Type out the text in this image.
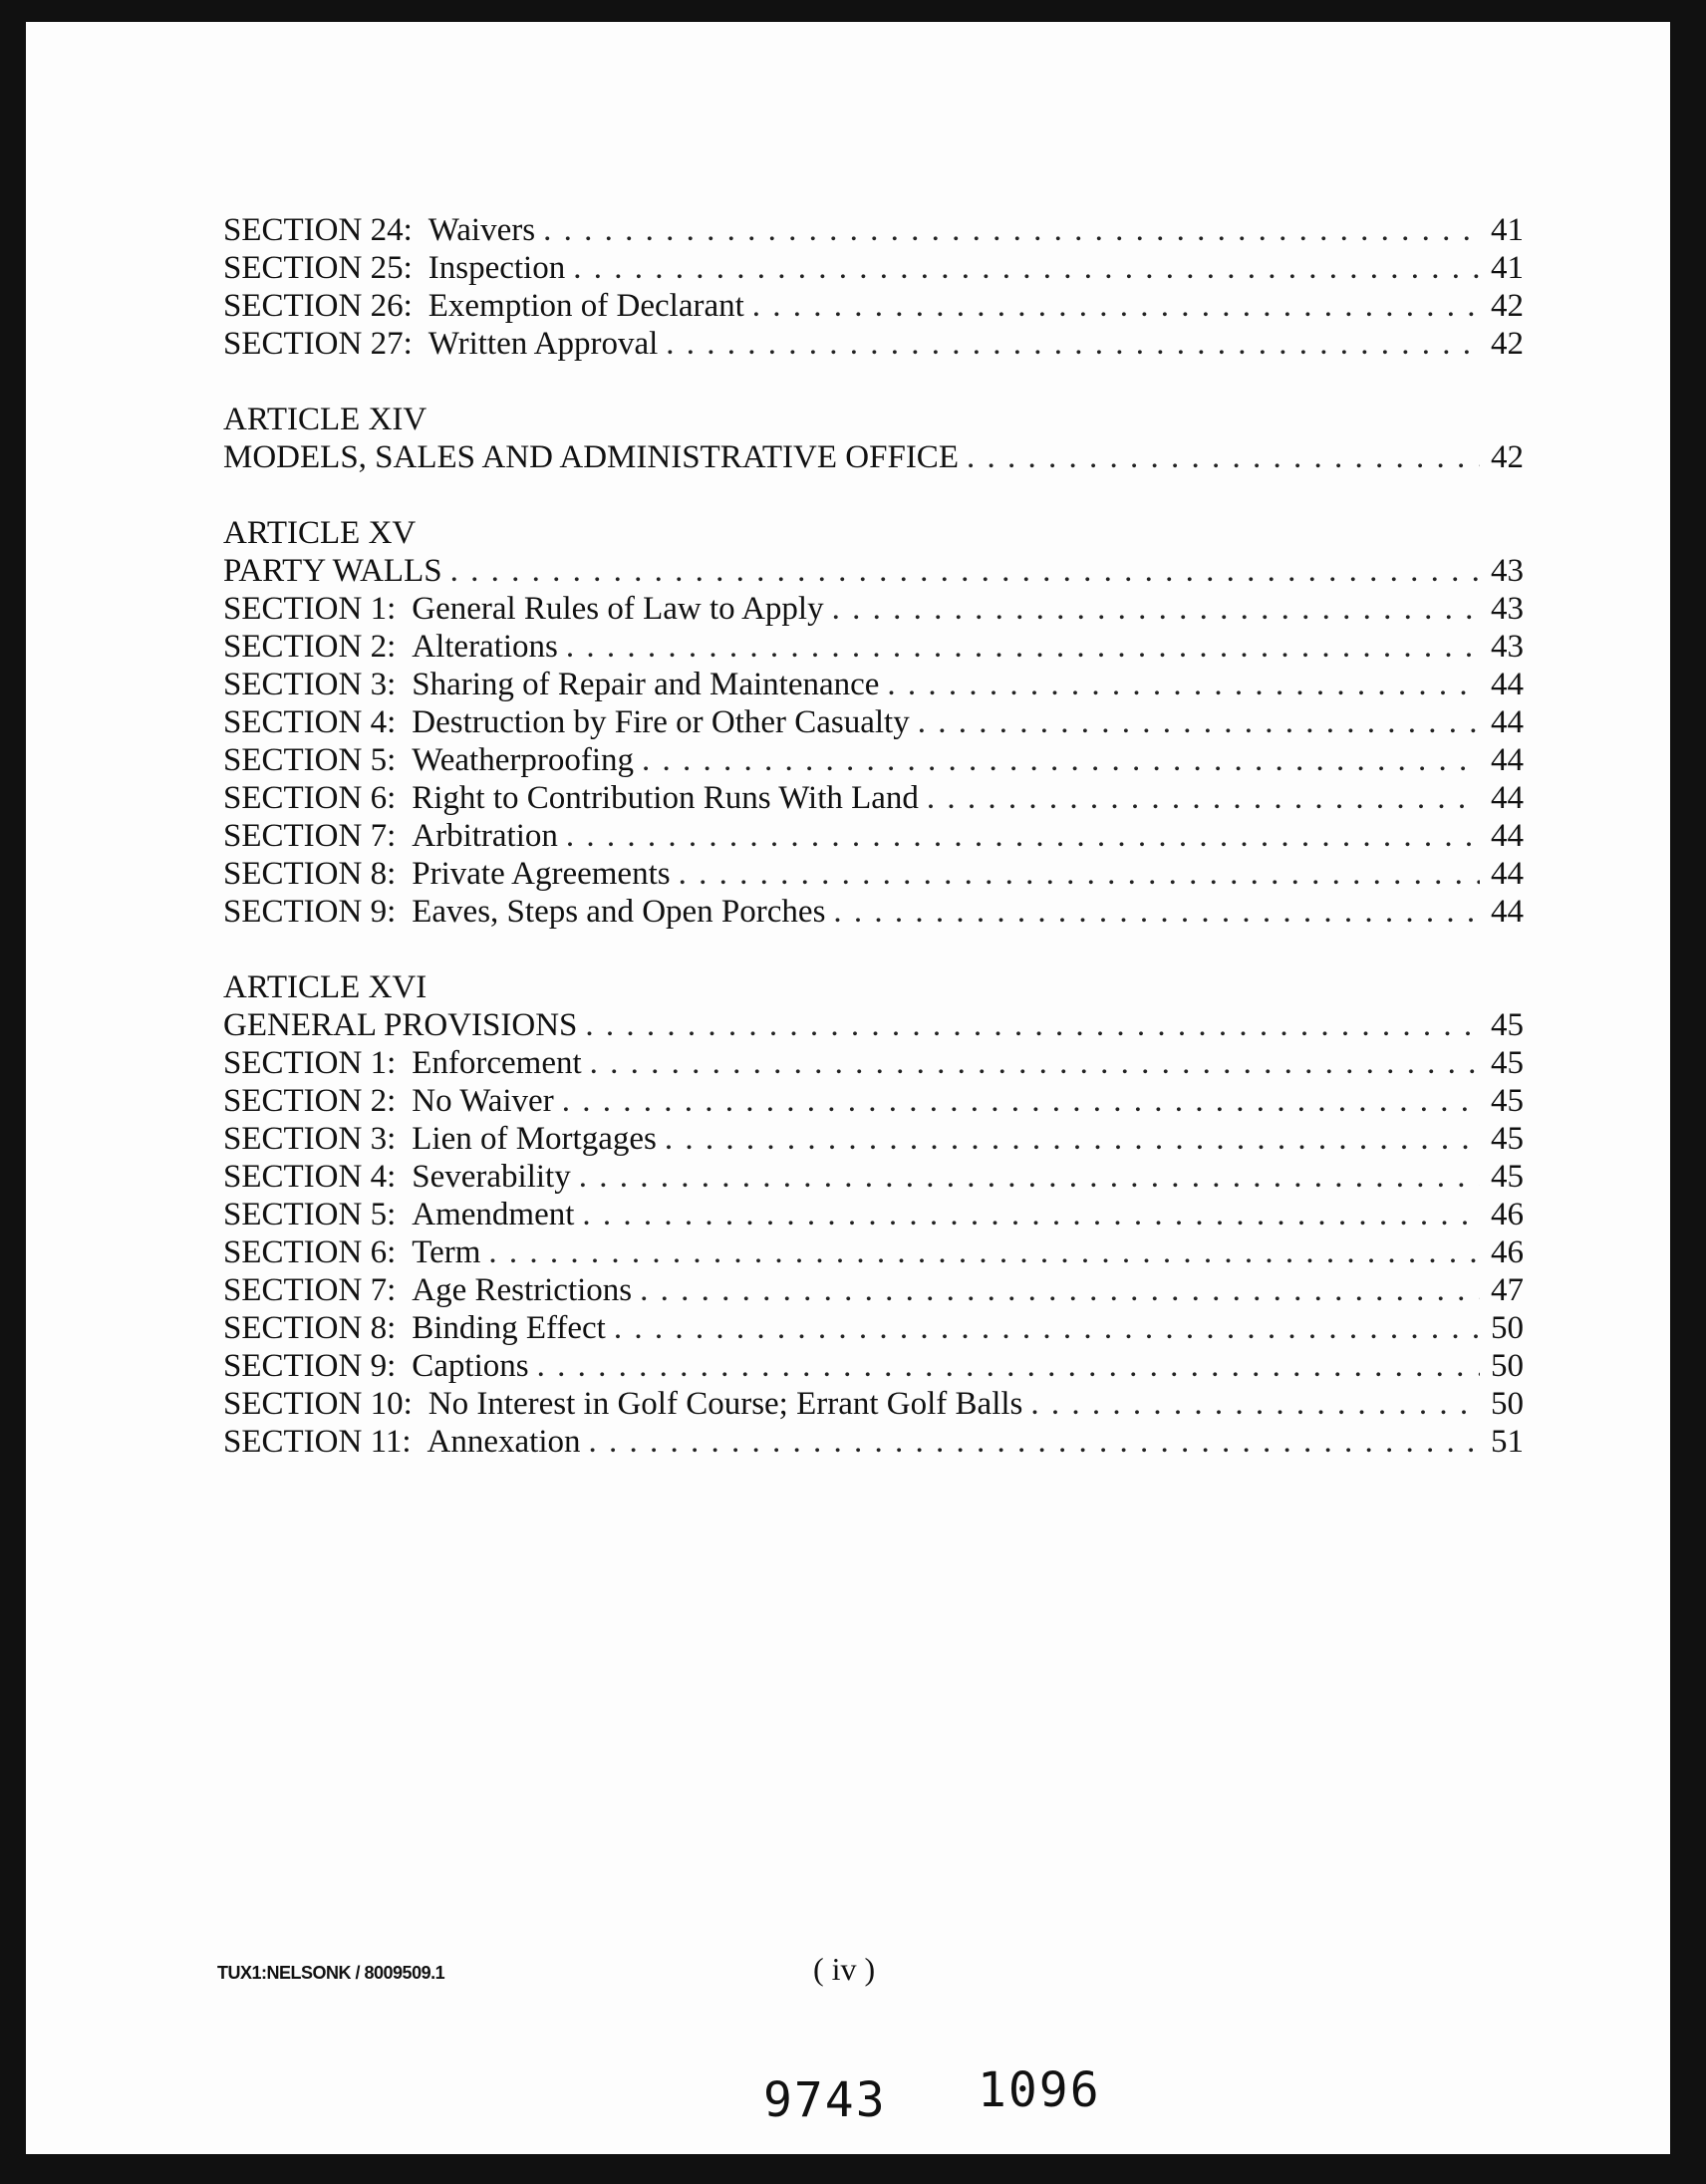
SECTION 24: Waivers . . .	41
SECTION 25: Inspection . . .	41
SECTION 26: Exemption of Declarant . . .	42
SECTION 27: Written Approval . . .	42
ARTICLE XIV
MODELS, SALES AND ADMINISTRATIVE OFFICE . . .	42
ARTICLE XV
PARTY WALLS . . .	43
SECTION 1: General Rules of Law to Apply . . .	43
SECTION 2: Alterations . . .	43
SECTION 3: Sharing of Repair and Maintenance . . .	44
SECTION 4: Destruction by Fire or Other Casualty . . .	44
SECTION 5: Weatherproofing . . .	44
SECTION 6: Right to Contribution Runs With Land . . .	44
SECTION 7: Arbitration . . .	44
SECTION 8: Private Agreements . . .	44
SECTION 9: Eaves, Steps and Open Porches . . .	44
ARTICLE XVI
GENERAL PROVISIONS . . .	45
SECTION 1: Enforcement . . .	45
SECTION 2: No Waiver . . .	45
SECTION 3: Lien of Mortgages . . .	45
SECTION 4: Severability . . .	45
SECTION 5: Amendment . . .	46
SECTION 6: Term . . .	46
SECTION 7: Age Restrictions . . .	47
SECTION 8: Binding Effect . . .	50
SECTION 9: Captions . . .	50
SECTION 10: No Interest in Golf Course; Errant Golf Balls . . .	50
SECTION 11: Annexation . . .	51
TUX1:NELSONK / 8009509.1	( iv )
9743 1096
